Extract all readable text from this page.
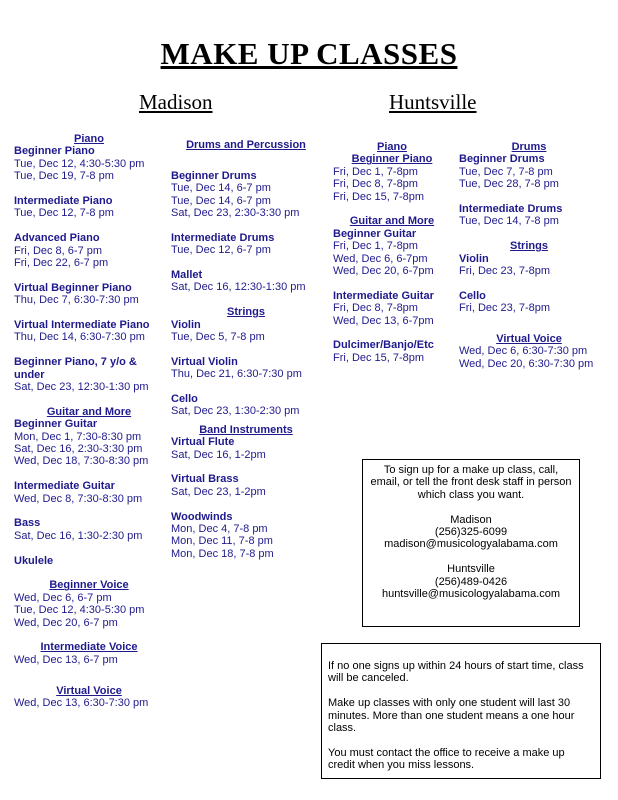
MAKE UP CLASSES
Madison	Huntsville
Piano
Beginner Piano
Tue, Dec 12, 4:30-5:30 pm
Tue, Dec 19, 7-8 pm
Intermediate Piano
Tue, Dec 12, 7-8 pm
Advanced Piano
Fri, Dec 8, 6-7 pm
Fri, Dec 22, 6-7 pm
Virtual Beginner Piano
Thu, Dec 7, 6:30-7:30 pm
Virtual Intermediate Piano
Thu, Dec 14, 6:30-7:30 pm
Beginner Piano, 7 y/o &
under
Sat, Dec 23, 12:30-1:30 pm
Guitar and More
Beginner Guitar
Mon, Dec 1, 7:30-8:30 pm
Sat, Dec 16, 2:30-3:30 pm
Wed, Dec 18, 7:30-8:30 pm
Intermediate Guitar
Wed, Dec 8, 7:30-8:30 pm
Bass
Sat, Dec 16, 1:30-2:30 pm
Ukulele
Beginner Voice
Wed, Dec 6, 6-7 pm
Tue, Dec 12, 4:30-5:30 pm
Wed, Dec 20, 6-7 pm
Intermediate Voice
Wed, Dec 13, 6-7 pm
Virtual Voice
Wed, Dec 13, 6:30-7:30 pm
Drums and Percussion
Beginner Drums
Tue, Dec 14, 6-7 pm
Tue, Dec 14, 6-7 pm
Sat, Dec 23, 2:30-3:30 pm
Intermediate Drums
Tue, Dec 12, 6-7 pm
Mallet
Sat, Dec 16, 12:30-1:30 pm
Strings
Violin
Tue, Dec 5, 7-8 pm
Virtual Violin
Thu, Dec 21, 6:30-7:30 pm
Cello
Sat, Dec 23, 1:30-2:30 pm
Band Instruments
Virtual Flute
Sat, Dec 16, 1-2pm
Virtual Brass
Sat, Dec 23, 1-2pm
Woodwinds
Mon, Dec 4, 7-8 pm
Mon, Dec 11, 7-8 pm
Mon, Dec 18, 7-8 pm
Piano
Beginner Piano
Fri, Dec 1, 7-8pm
Fri, Dec 8, 7-8pm
Fri, Dec 15, 7-8pm
Guitar and More
Beginner Guitar
Fri, Dec 1, 7-8pm
Wed, Dec 6, 6-7pm
Wed, Dec 20, 6-7pm
Intermediate Guitar
Fri, Dec 8, 7-8pm
Wed, Dec 13, 6-7pm
Dulcimer/Banjo/Etc
Fri, Dec 15, 7-8pm
Drums
Beginner Drums
Tue, Dec 7, 7-8 pm
Tue, Dec 28, 7-8 pm
Intermediate Drums
Tue, Dec 14, 7-8 pm
Strings
Violin
Fri, Dec 23, 7-8pm
Cello
Fri, Dec 23, 7-8pm
Virtual Voice
Wed, Dec 6, 6:30-7:30 pm
Wed, Dec 20, 6:30-7:30 pm

To sign up for a make up class, call,

email, or tell the front desk staff in person

which class you want.

Madison

(256)325-6099

madison@musicologyalabama.com

Huntsville

(256)489-0426

huntsville@musicologyalabama.com

If no one signs up within 24 hours of start time, class will be canceled.

Make up classes with only one student will last 30 minutes. More than one student means a one hour class.

You must contact the office to receive a make up credit when you miss lessons.
